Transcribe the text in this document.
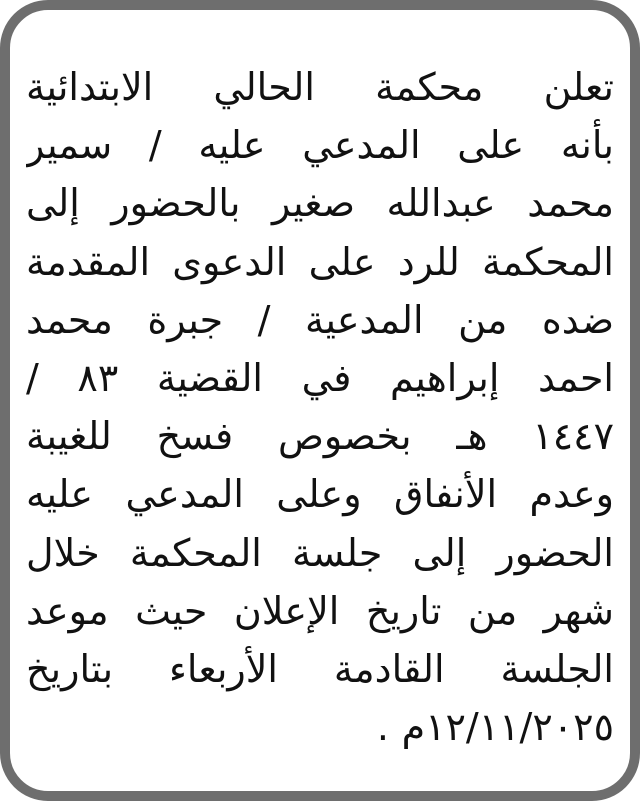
تعلن محكمة الحالي الابتدائية
بأنه على المدعي عليه / سمير
محمد عبدالله صغير بالحضور إلى
المحكمة للرد على الدعوى المقدمة
ضده من المدعية / جبرة محمد
احمد إبراهيم في القضية ٨٣ /
١٤٤٧ هـ بخصوص فسخ للغيبة
وعدم الأنفاق وعلى المدعي عليه
الحضور إلى جلسة المحكمة خلال
شهر من تاريخ الإعلان حيث موعد
الجلسة القادمة الأربعاء بتاريخ
١٢/١١/٢٠٢٥م .
